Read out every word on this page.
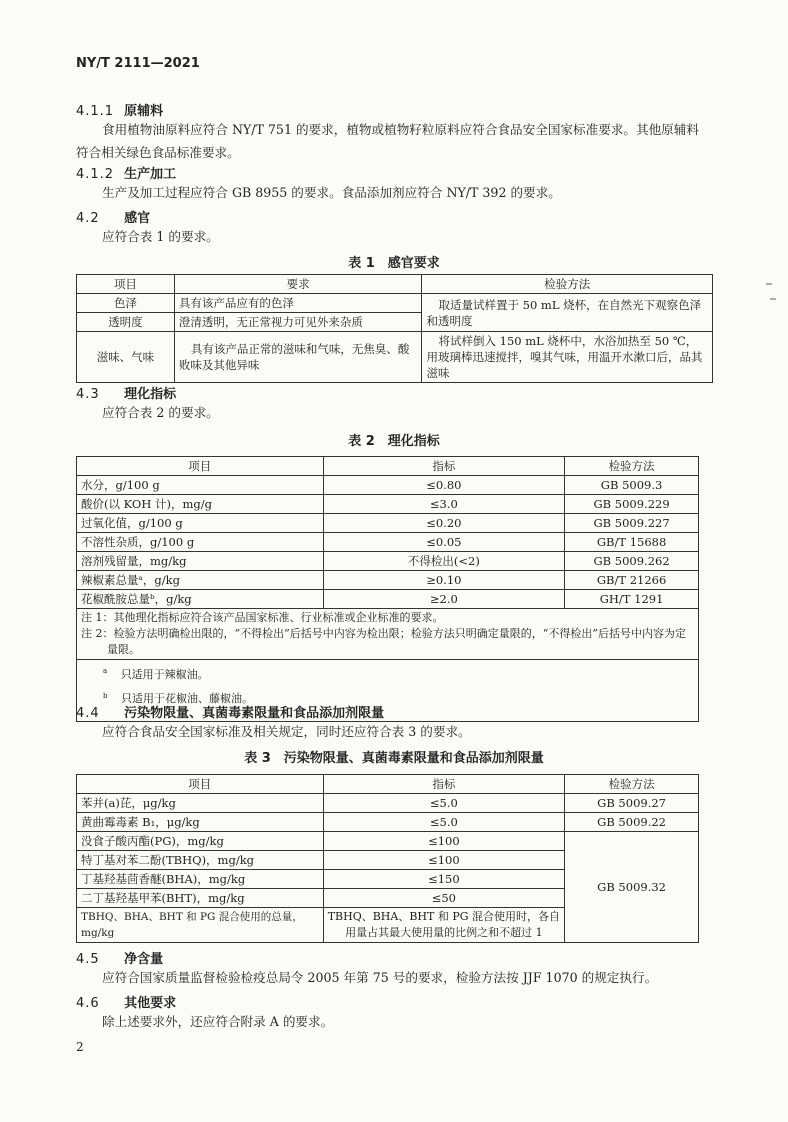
NY/T 2111—2021
4.1.1 原辅料
食用植物油原料应符合 NY/T 751 的要求，植物或植物籽粒原料应符合食品安全国家标准要求。其他原辅料符合相关绿色食品标准要求。
4.1.2 生产加工
生产及加工过程应符合 GB 8955 的要求。食品添加剂应符合 NY/T 392 的要求。
4.2 感官
应符合表 1 的要求。
表 1　感官要求
项目	要求	检验方法
色泽	具有该产品应有的色泽	取适量试样置于 50 mL 烧杯，在自然光下观察色泽和透明度
透明度	澄清透明，无正常视力可见外来杂质	
滋味、气味	具有该产品正常的滋味和气味，无焦臭、酸败味及其他异味	将试样倒入 150 mL 烧杯中，水浴加热至 50 ℃，用玻璃棒迅速搅拌，嗅其气味，用温开水漱口后，品其滋味
4.3 理化指标
应符合表 2 的要求。
表 2　理化指标
项目	指标	检验方法
水分，g/100 g	≤0.80	GB 5009.3
酸价(以 KOH 计)，mg/g	≤3.0	GB 5009.229
过氧化值，g/100 g	≤0.20	GB 5009.227
不溶性杂质，g/100 g	≤0.05	GB/T 15688
溶剂残留量，mg/kg	不得检出(<2)	GB 5009.262
辣椒素总量ᵃ，g/kg	≥0.10	GB/T 21266
花椒酰胺总量ᵇ，g/kg	≥2.0	GH/T 1291

注 1：其他理化指标应符合该产品国家标准、行业标准或企业标准的要求。
注 2：检验方法明确检出限的，“不得检出”后括号中内容为检出限；检验方法只明确定量限的，“不得检出”后括号中内容为定量限。		

$^a$ 只适用于辣椒油。
$^b$ 只适用于花椒油、藤椒油。		
4.4 污染物限量、真菌毒素限量和食品添加剂限量
应符合食品安全国家标准及相关规定，同时还应符合表 3 的要求。
表 3　污染物限量、真菌毒素限量和食品添加剂限量
项目	指标	检验方法
苯并(a)芘，μg/kg	≤5.0	GB 5009.27
黄曲霉毒素 B₁，μg/kg	≤5.0	GB 5009.22
没食子酸丙酯(PG)，mg/kg	≤100	GB 5009.32
特丁基对苯二酚(TBHQ)，mg/kg	≤100	
丁基羟基茴香醚(BHA)，mg/kg	≤150	
二丁基羟基甲苯(BHT)，mg/kg	≤50	
TBHQ、BHA、BHT 和 PG 混合使用的总量，mg/kg	TBHQ、BHA、BHT 和 PG 混合使用时，各自用量占其最大使用量的比例之和不超过 1	
4.5 净含量
应符合国家质量监督检验检疫总局令 2005 年第 75 号的要求，检验方法按 JJF 1070 的规定执行。
4.6 其他要求
除上述要求外，还应符合附录 A 的要求。
2
